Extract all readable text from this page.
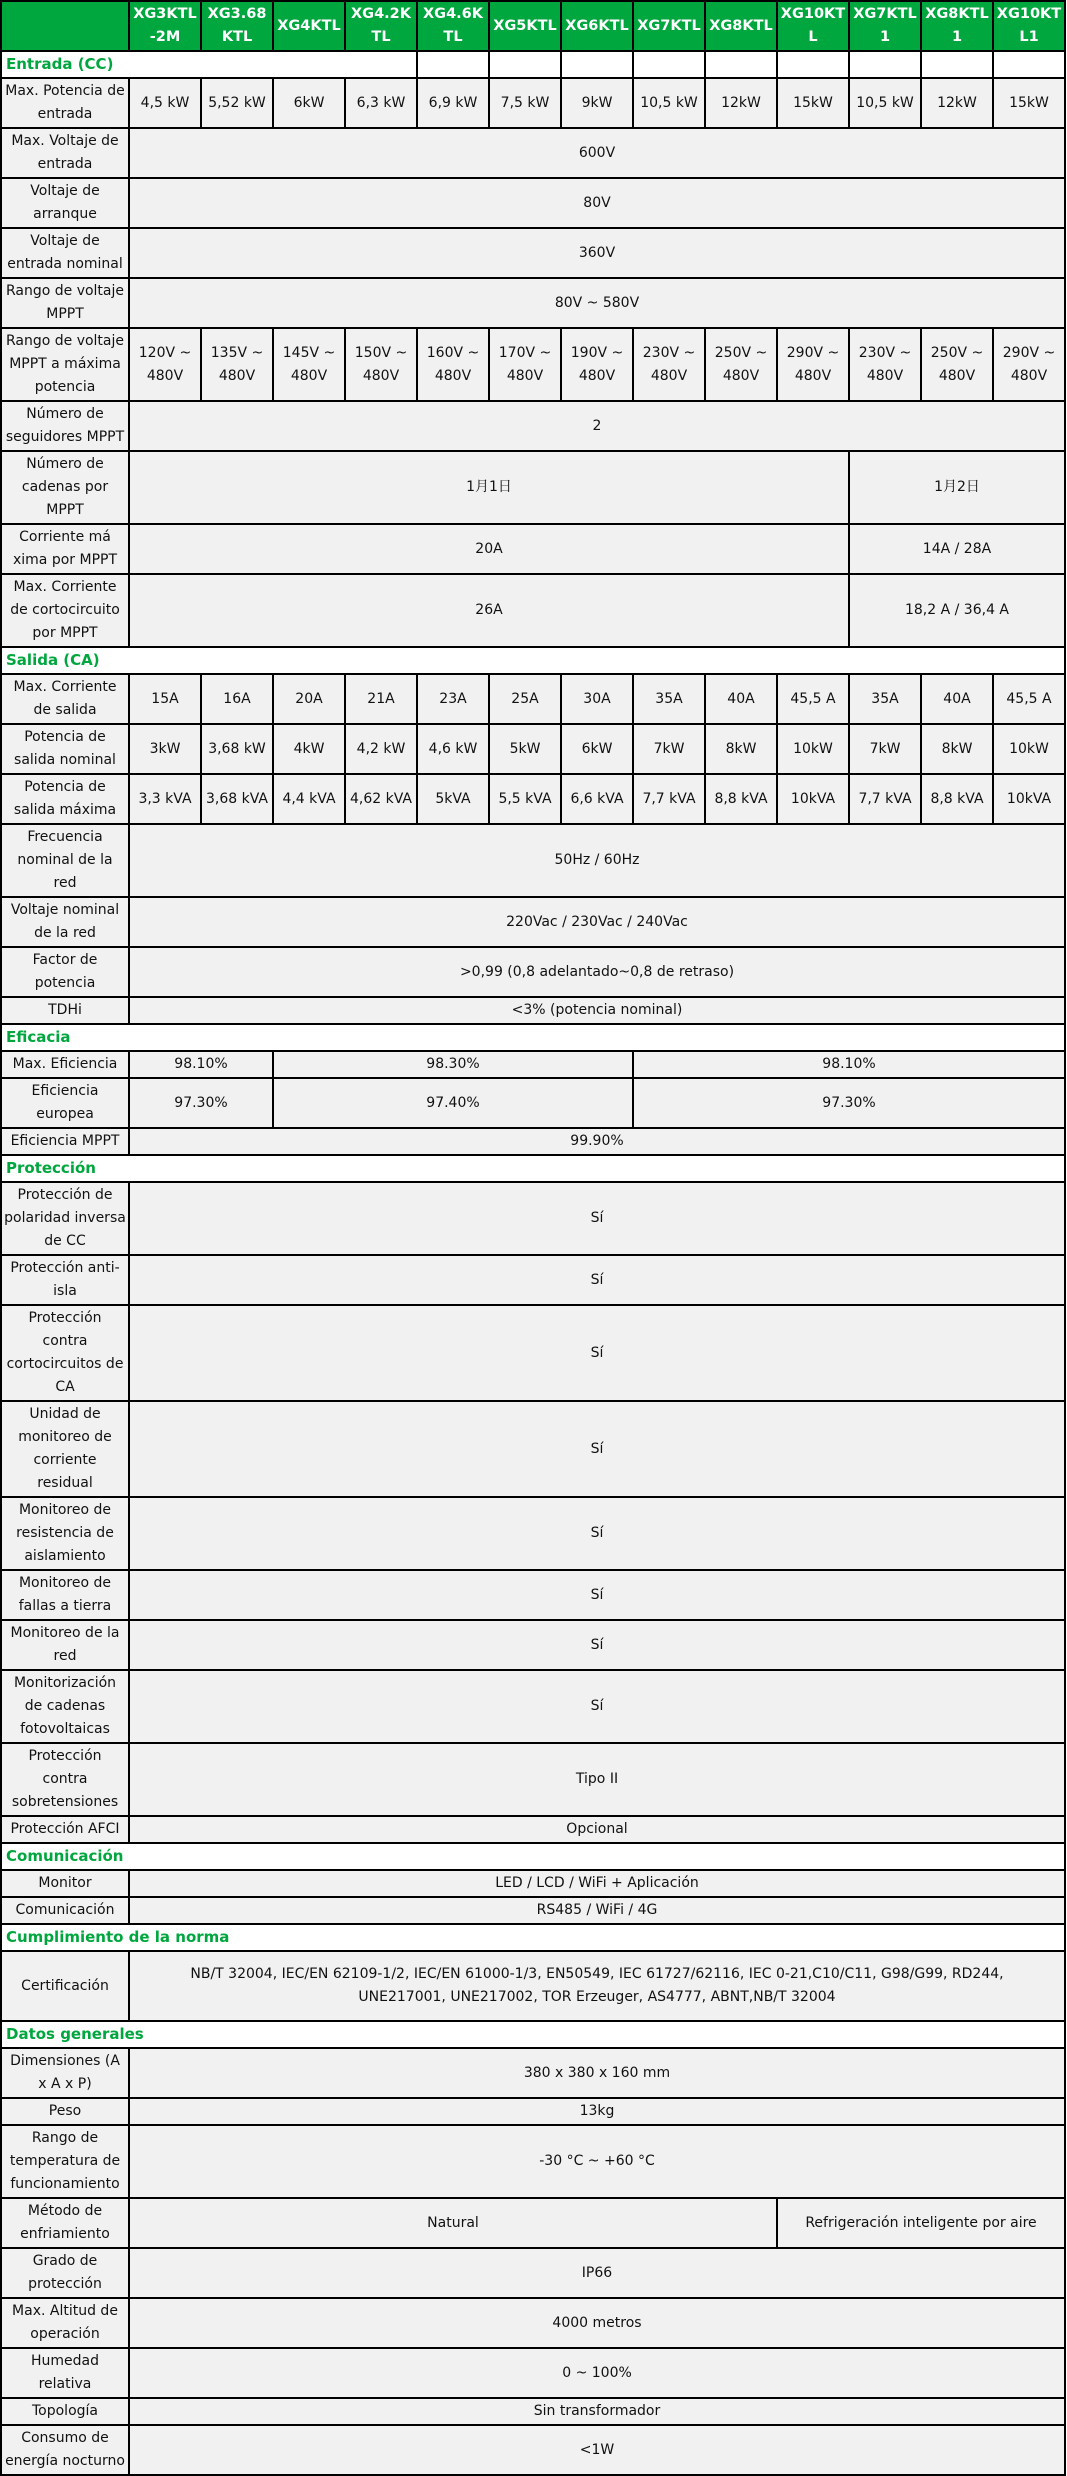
	XG3KTL-2M	XG3.68KTL	XG4KTL	XG4.2KTL	XG4.6KTL	XG5KTL	XG6KTL	XG7KTL	XG8KTL	XG10KTL	XG7KTL1	XG8KTL1	XG10KTL1
Entrada (CC)													
Max. Potencia de entrada	4,5 kW	5,52 kW	6kW	6,3 kW	6,9 kW	7,5 kW	9kW	10,5 kW	12kW	15kW	10,5 kW	12kW	15kW
Max. Voltaje de entrada	600V												
Voltaje de arranque	80V												
Voltaje de entrada nominal	360V												
Rango de voltaje MPPT	80V ~ 580V												
Rango de voltaje MPPT a máxima potencia	120V ~ 480V	135V ~ 480V	145V ~ 480V	150V ~ 480V	160V ~ 480V	170V ~ 480V	190V ~ 480V	230V ~ 480V	250V ~ 480V	290V ~ 480V	230V ~ 480V	250V ~ 480V	290V ~ 480V
Número de seguidores MPPT	2												
Número de cadenas por MPPT	1月1日										1月2日		
Corriente má xima por MPPT	20A										14A / 28A		
Max. Corriente de cortocircuito por MPPT	26A										18,2 A / 36,4 A		
Salida (CA)													
Max. Corriente de salida	15A	16A	20A	21A	23A	25A	30A	35A	40A	45,5 A	35A	40A	45,5 A
Potencia de salida nominal	3kW	3,68 kW	4kW	4,2 kW	4,6 kW	5kW	6kW	7kW	8kW	10kW	7kW	8kW	10kW
Potencia de salida máxima	3,3 kVA	3,68 kVA	4,4 kVA	4,62 kVA	5kVA	5,5 kVA	6,6 kVA	7,7 kVA	8,8 kVA	10kVA	7,7 kVA	8,8 kVA	10kVA
Frecuencia nominal de la red	50Hz / 60Hz												
Voltaje nominal de la red	220Vac / 230Vac / 240Vac												
Factor de potencia	>0,99 (0,8 adelantado~0,8 de retraso)												
TDHi	<3% (potencia nominal)												
Eficacia													
Max. Eficiencia	98.10%		98.30%					98.10%					
Eficiencia europea	97.30%		97.40%					97.30%					
Eficiencia MPPT	99.90%												
Protección													
Protección de polaridad inversa de CC	Sí												
Protección anti-isla	Sí												
Protección contra cortocircuitos de CA	Sí												
Unidad de monitoreo de corriente residual	Sí												
Monitoreo de resistencia de aislamiento	Sí												
Monitoreo de fallas a tierra	Sí												
Monitoreo de la red	Sí												
Monitorización de cadenas fotovoltaicas	Sí												
Protección contra sobretensiones	Tipo II												
Protección AFCI	Opcional												
Comunicación													
Monitor	LED / LCD / WiFi + Aplicación												
Comunicación	RS485 / WiFi / 4G												
Cumplimiento de la norma													
Certificación	NB/T 32004, IEC/EN 62109-1/2, IEC/EN 61000-1/3, EN50549, IEC 61727/62116, IEC 0-21,C10/C11, G98/G99, RD244, UNE217001, UNE217002, TOR Erzeuger, AS4777, ABNT,NB/T 32004												
Datos generales													
Dimensiones (A x A x P)	380 x 380 x 160 mm												
Peso	13kg												
Rango de temperatura de funcionamiento	-30 °C ~ +60 °C												
Método de enfriamiento	Natural									Refrigeración inteligente por aire			
Grado de protección	IP66												
Max. Altitud de operación	4000 metros												
Humedad relativa	0 ~ 100%												
Topología	Sin transformador												
Consumo de energía nocturno	<1W												
